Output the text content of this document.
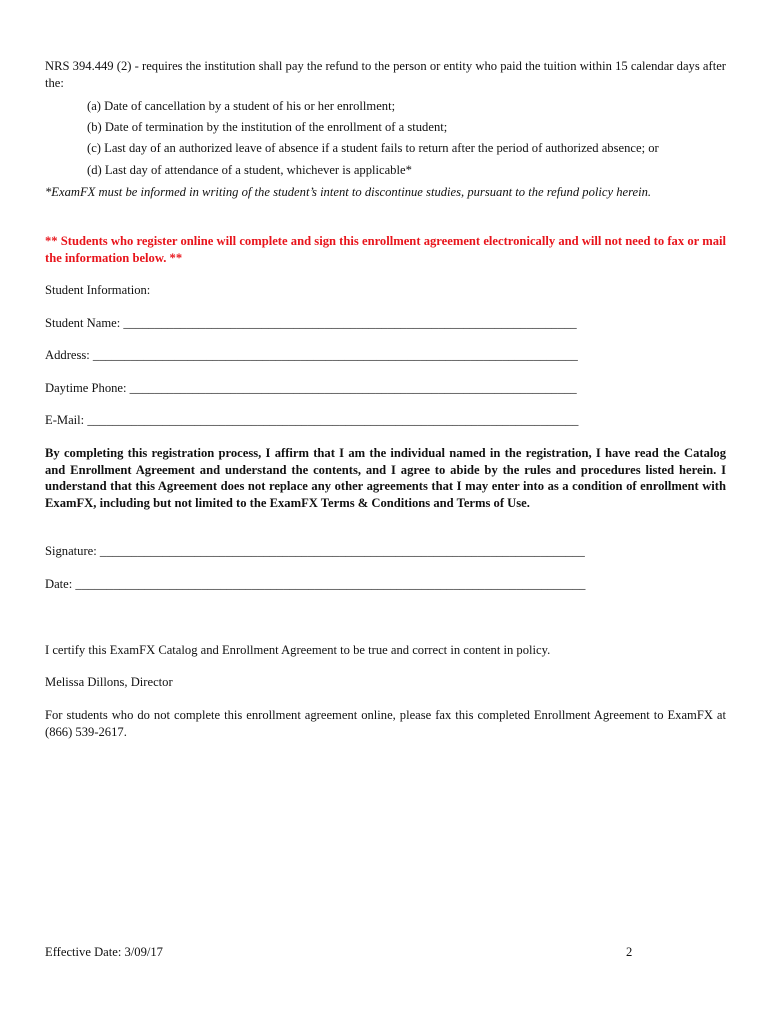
NRS 394.449 (2) - requires the institution shall pay the refund to the person or entity who paid the tuition within 15 calendar days after the:
(a) Date of cancellation by a student of his or her enrollment;
(b) Date of termination by the institution of the enrollment of a student;
(c) Last day of an authorized leave of absence if a student fails to return after the period of authorized absence; or
(d) Last day of attendance of a student, whichever is applicable*
*ExamFX must be informed in writing of the student’s intent to discontinue studies, pursuant to the refund policy herein.
** Students who register online will complete and sign this enrollment agreement electronically and will not need to fax or mail the information below. **
Student Information:
Student Name: ________________________________________________________________________
Address: _____________________________________________________________________________
Daytime Phone: _______________________________________________________________________
E-Mail: ______________________________________________________________________________
By completing this registration process, I affirm that I am the individual named in the registration, I have read the Catalog and Enrollment Agreement and understand the contents, and I agree to abide by the rules and procedures listed herein. I understand that this Agreement does not replace any other agreements that I may enter into as a condition of enrollment with ExamFX, including but not limited to the ExamFX Terms & Conditions and Terms of Use.
Signature: _____________________________________________________________________________
Date: _________________________________________________________________________________
I certify this ExamFX Catalog and Enrollment Agreement to be true and correct in content in policy.
Melissa Dillons, Director
For students who do not complete this enrollment agreement online, please fax this completed Enrollment Agreement to ExamFX at (866) 539-2617.
Effective Date: 3/09/17	2
